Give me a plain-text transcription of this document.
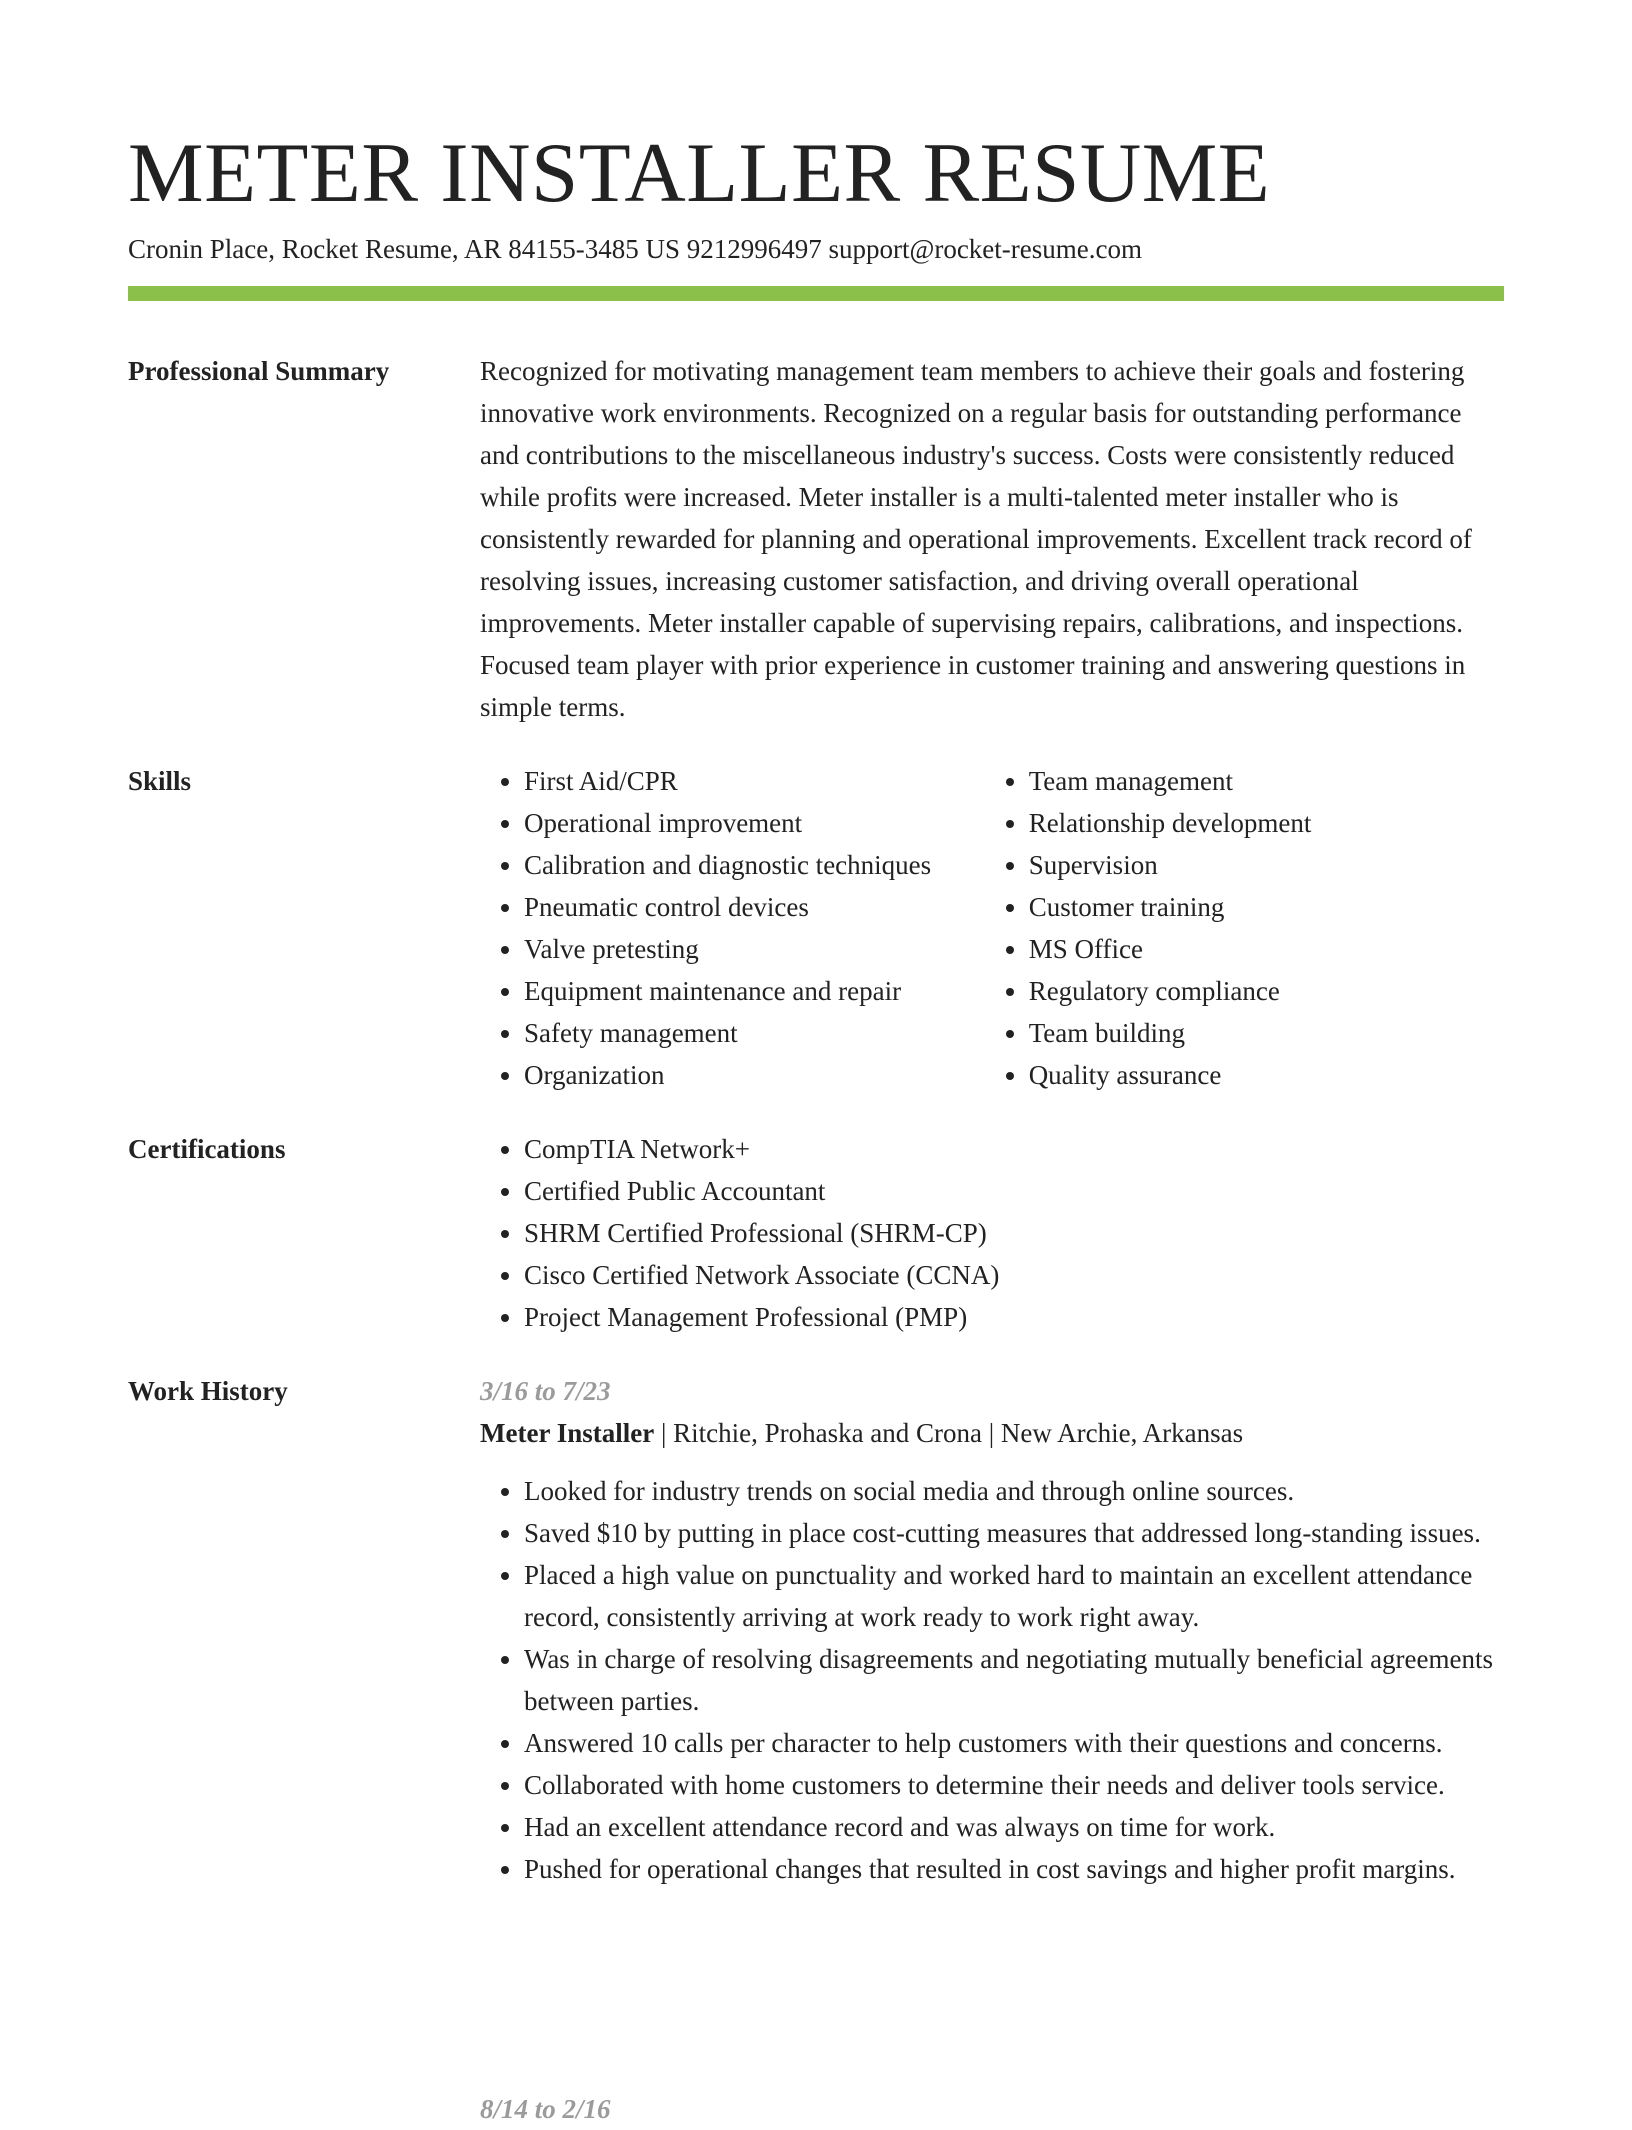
METER INSTALLER RESUME
Cronin Place, Rocket Resume, AR 84155-3485 US 9212996497 support@rocket-resume.com
Professional Summary	Recognized for motivating management team members to achieve their goals and fostering innovative work environments. Recognized on a regular basis for outstanding performance and contributions to the miscellaneous industry's success. Costs were consistently reduced while profits were increased. Meter installer is a multi-talented meter installer who is consistently rewarded for planning and operational improvements. Excellent track record of resolving issues, increasing customer satisfaction, and driving overall operational improvements. Meter installer capable of supervising repairs, calibrations, and inspections. Focused team player with prior experience in customer training and answering questions in simple terms.

Skills	• First Aid/CPR
• Operational improvement
• Calibration and diagnostic techniques
• Pneumatic control devices
• Valve pretesting
• Equipment maintenance and repair
• Safety management
• Organization
• Team management
• Relationship development
• Supervision
• Customer training
• MS Office
• Regulatory compliance
• Team building
• Quality assurance
Certifications	• CompTIA Network+
• Certified Public Accountant
• SHRM Certified Professional (SHRM-CP)
• Cisco Certified Network Associate (CCNA)
• Project Management Professional (PMP)
Work History	3/16 to 7/23
Meter Installer | Ritchie, Prohaska and Crona | New Archie, Arkansas
• Looked for industry trends on social media and through online sources.
• Saved $10 by putting in place cost-cutting measures that addressed long-standing issues.
• Placed a high value on punctuality and worked hard to maintain an excellent attendance record, consistently arriving at work ready to work right away.
• Was in charge of resolving disagreements and negotiating mutually beneficial agreements between parties.
• Answered 10 calls per character to help customers with their questions and concerns.
• Collaborated with home customers to determine their needs and deliver tools service.
• Had an excellent attendance record and was always on time for work.
• Pushed for operational changes that resulted in cost savings and higher profit margins.
8/14 to 2/16
